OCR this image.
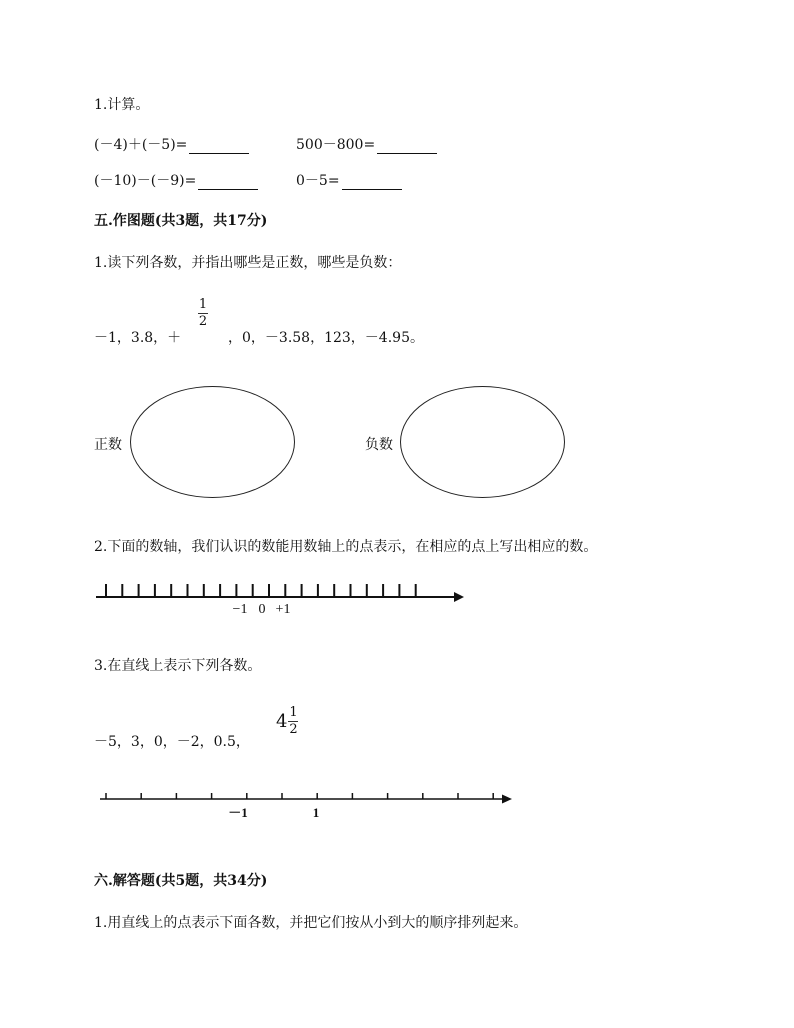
1.计算。
(－4)＋(－5)=	500－800=
(－10)－(－9)=	0－5=
五.作图题(共3题，共17分)
1.读下列各数，并指出哪些是正数，哪些是负数：
－1，3.8，＋
1
2
，0，－3.58，123，－4.95。
正数	负数
2.下面的数轴，我们认识的数能用数轴上的点表示，在相应的点上写出相应的数。
−1 0 +1
3.在直线上表示下列各数。
－5，3，0，－2，0.5，
$4 \frac{1}{2}$
－1	1
六.解答题(共5题，共34分)
1.用直线上的点表示下面各数，并把它们按从小到大的顺序排列起来。
